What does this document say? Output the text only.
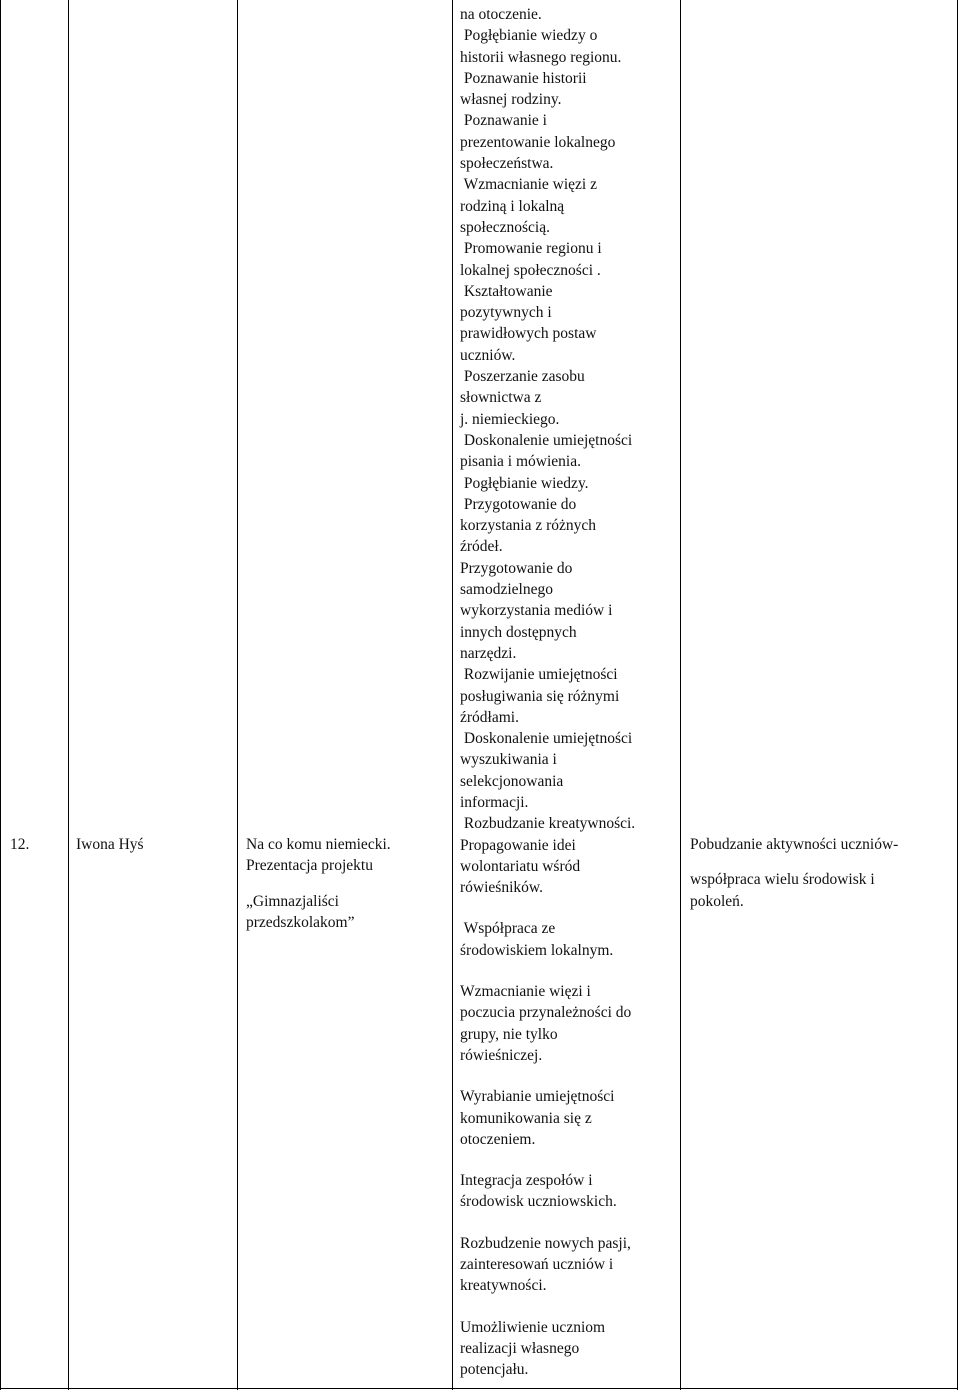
12.	Iwona Hyś	Na co komu niemiecki.

Prezentacja projektu

„Gimnazjaliści

przedszkolakom”

na otoczenie.

Pogłębianie wiedzy o

historii własnego regionu.

Poznawanie historii

własnej rodziny.

Poznawanie i

prezentowanie lokalnego

społeczeństwa.

Wzmacnianie więzi z

rodziną i lokalną

społecznością.

Promowanie regionu i

lokalnej społeczności .

Kształtowanie

pozytywnych i

prawidłowych postaw

uczniów.

Poszerzanie zasobu

słownictwa z

j. niemieckiego.

Doskonalenie umiejętności

pisania i mówienia.

Pogłębianie wiedzy.

Przygotowanie do

korzystania z różnych

źródeł.

Przygotowanie do

samodzielnego

wykorzystania mediów i

innych dostępnych

narzędzi.

Rozwijanie umiejętności

posługiwania się różnymi

źródłami.

Doskonalenie umiejętności

wyszukiwania i

selekcjonowania

informacji.

Rozbudzanie kreatywności.

Propagowanie idei

wolontariatu wśród

rówieśników.

Współpraca ze

środowiskiem lokalnym.

Wzmacnianie więzi i

poczucia przynależności do

grupy, nie tylko

rówieśniczej.

Wyrabianie umiejętności

komunikowania się z

otoczeniem.

Integracja zespołów i

środowisk uczniowskich.

Rozbudzenie nowych pasji,

zainteresowań uczniów i

kreatywności.

Umożliwienie uczniom

realizacji własnego

potencjału.

Pobudzanie aktywności uczniów-

współpraca wielu środowisk i

pokoleń.
